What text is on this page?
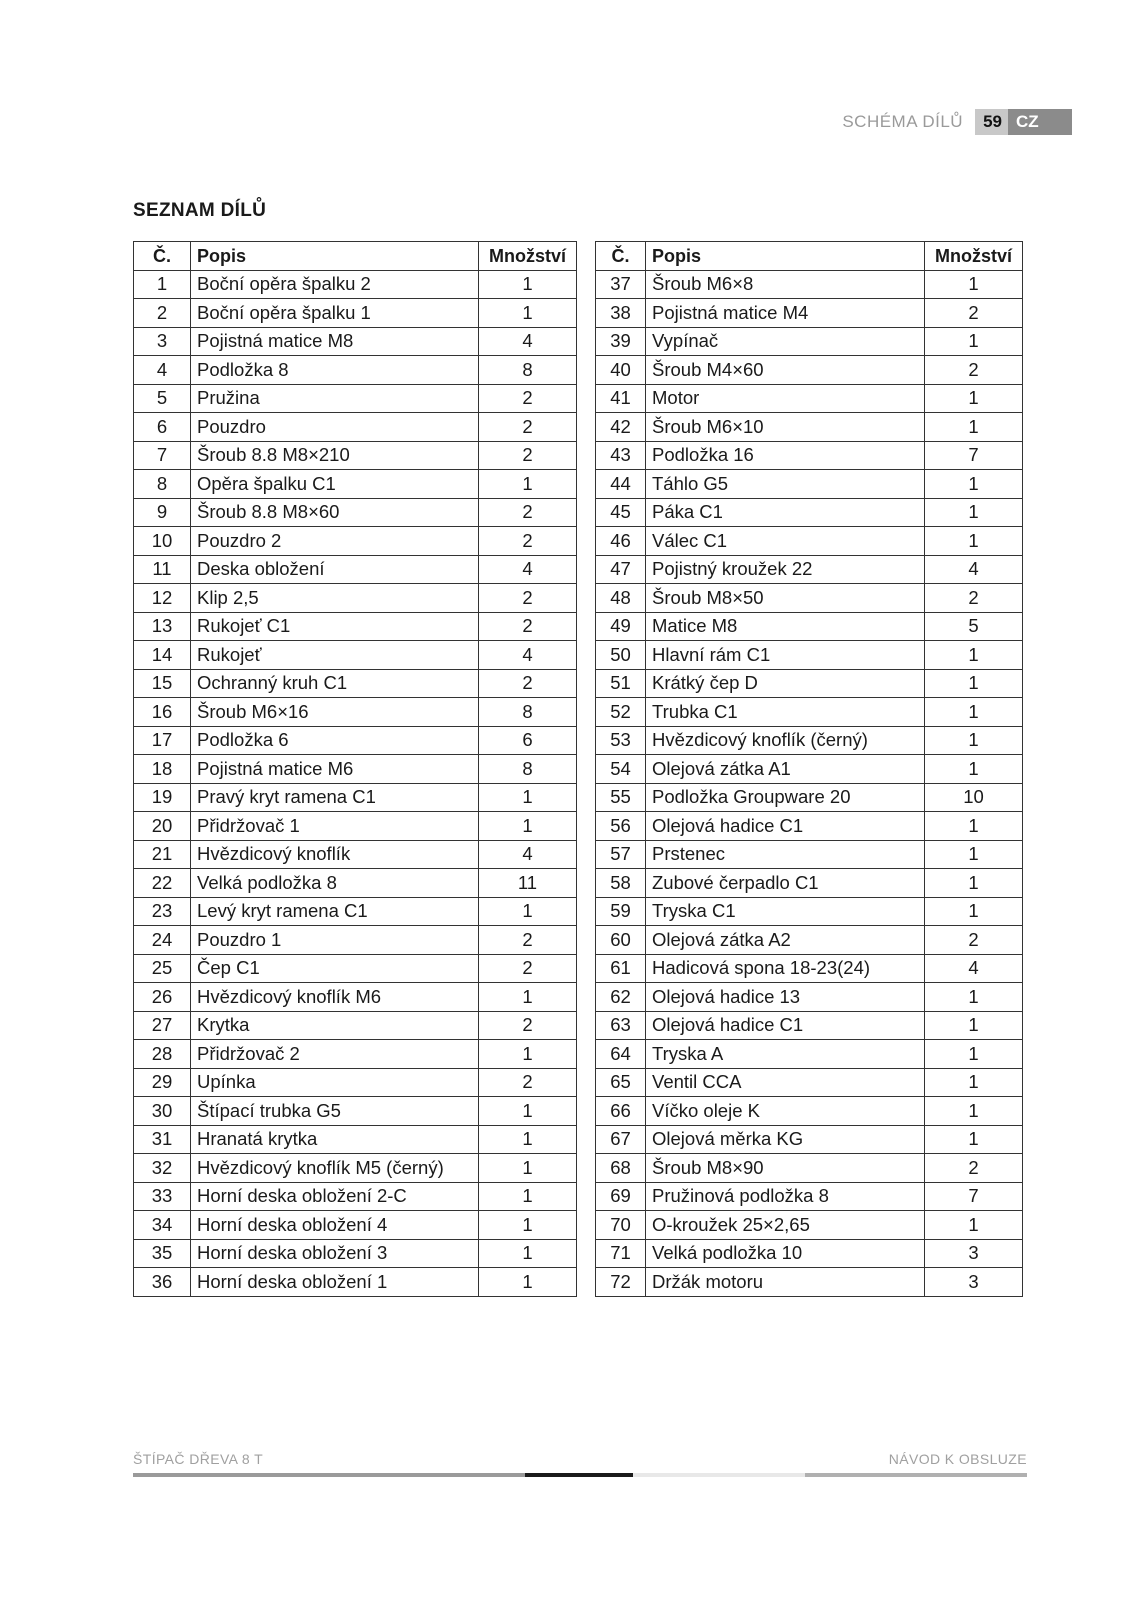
SCHÉMA DÍLŮ	59 CZ
SEZNAM DÍLŮ
Č.	Popis	Množství
1	Boční opěra špalku 2	1
2	Boční opěra špalku 1	1
3	Pojistná matice M8	4
4	Podložka 8	8
5	Pružina	2
6	Pouzdro	2
7	Šroub 8.8 M8×210	2
8	Opěra špalku C1	1
9	Šroub 8.8 M8×60	2
10	Pouzdro 2	2
11	Deska obložení	4
12	Klip 2,5	2
13	Rukojeť C1	2
14	Rukojeť	4
15	Ochranný kruh C1	2
16	Šroub M6×16	8
17	Podložka 6	6
18	Pojistná matice M6	8
19	Pravý kryt ramena C1	1
20	Přidržovač 1	1
21	Hvězdicový knoflík	4
22	Velká podložka 8	11
23	Levý kryt ramena C1	1
24	Pouzdro 1	2
25	Čep C1	2
26	Hvězdicový knoflík M6	1
27	Krytka	2
28	Přidržovač 2	1
29	Upínka	2
30	Štípací trubka G5	1
31	Hranatá krytka	1
32	Hvězdicový knoflík M5 (černý)	1
33	Horní deska obložení 2-C	1
34	Horní deska obložení 4	1
35	Horní deska obložení 3	1
36	Horní deska obložení 1	1
Č.	Popis	Množství
37	Šroub M6×8	1
38	Pojistná matice M4	2
39	Vypínač	1
40	Šroub M4×60	2
41	Motor	1
42	Šroub M6×10	1
43	Podložka 16	7
44	Táhlo G5	1
45	Páka C1	1
46	Válec C1	1
47	Pojistný kroužek 22	4
48	Šroub M8×50	2
49	Matice M8	5
50	Hlavní rám C1	1
51	Krátký čep D	1
52	Trubka C1	1
53	Hvězdicový knoflík (černý)	1
54	Olejová zátka A1	1
55	Podložka Groupware 20	10
56	Olejová hadice C1	1
57	Prstenec	1
58	Zubové čerpadlo C1	1
59	Tryska C1	1
60	Olejová zátka A2	2
61	Hadicová spona 18-23(24)	4
62	Olejová hadice 13	1
63	Olejová hadice C1	1
64	Tryska A	1
65	Ventil CCA	1
66	Víčko oleje K	1
67	Olejová měrka KG	1
68	Šroub M8×90	2
69	Pružinová podložka 8	7
70	O-kroužek 25×2,65	1
71	Velká podložka 10	3
72	Držák motoru	3
ŠTÍPAČ DŘEVA 8 T	NÁVOD K OBSLUZE
